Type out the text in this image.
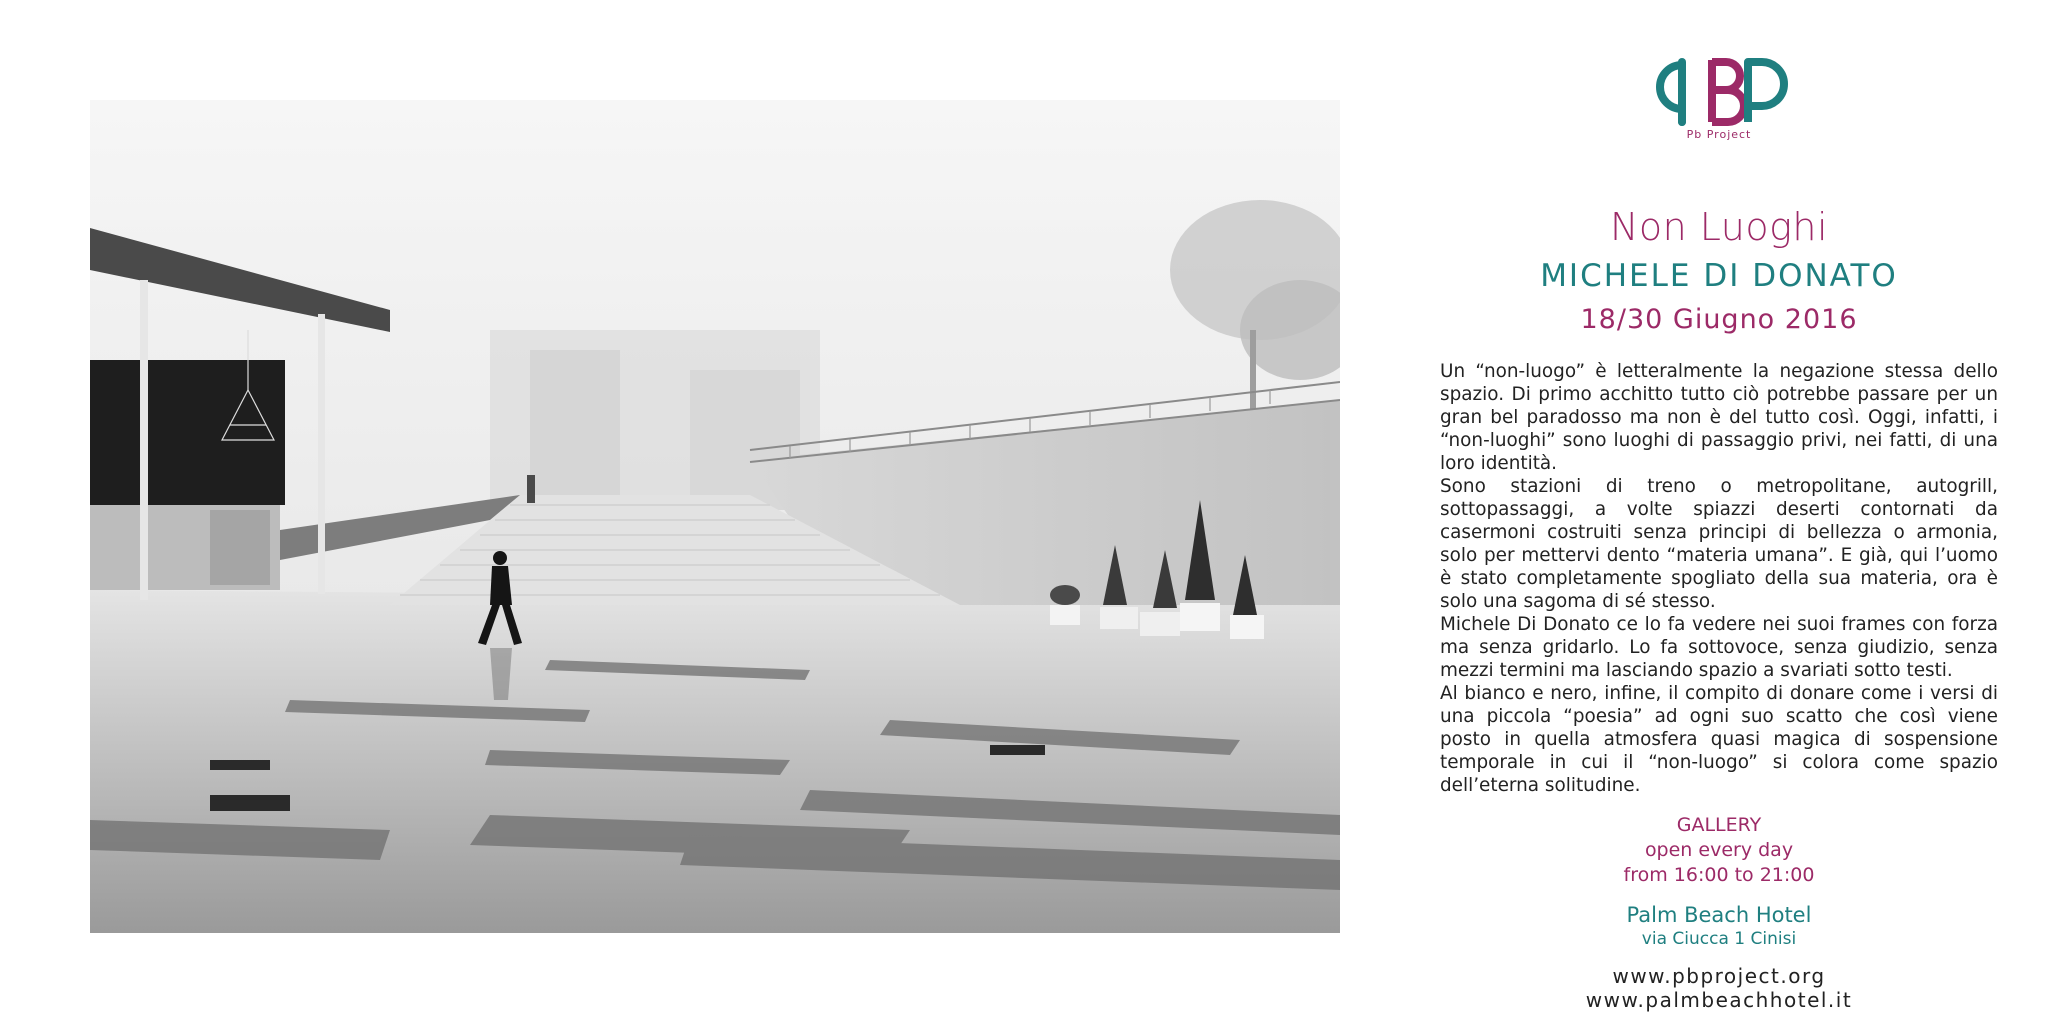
Pb Project
Non Luoghi
MICHELE DI DONATO
18/30 Giugno 2016

Un “non-luogo” è letteralmente la negazione stessa dello spazio. Di primo acchitto tutto ciò potrebbe passare per un gran bel paradosso ma non è del tutto così. Oggi, infatti, i “non-luoghi” sono luoghi di passaggio privi, nei fatti, di una loro identità.

Sono stazioni di treno o metropolitane, autogrill, sottopassaggi, a volte spiazzi deserti contornati da casermoni costruiti senza principi di bellezza o armonia, solo per mettervi dento “materia umana”. E già, qui l’uomo è stato completamente spogliato della sua materia, ora è solo una sagoma di sé stesso.

Michele Di Donato ce lo fa vedere nei suoi frames con forza ma senza gridarlo. Lo fa sottovoce, senza giudizio, senza mezzi termini ma lasciando spazio a svariati sotto testi.

Al bianco e nero, infine, il compito di donare come i versi di una piccola “poesia” ad ogni suo scatto che così viene posto in quella atmosfera quasi magica di sospensione temporale in cui il “non-luogo” si colora come spazio dell’eterna solitudine.

GALLERY
open every day
from 16:00 to 21:00
Palm Beach Hotel
via Ciucca 1 Cinisi
www.pbproject.org
www.palmbeachhotel.it
